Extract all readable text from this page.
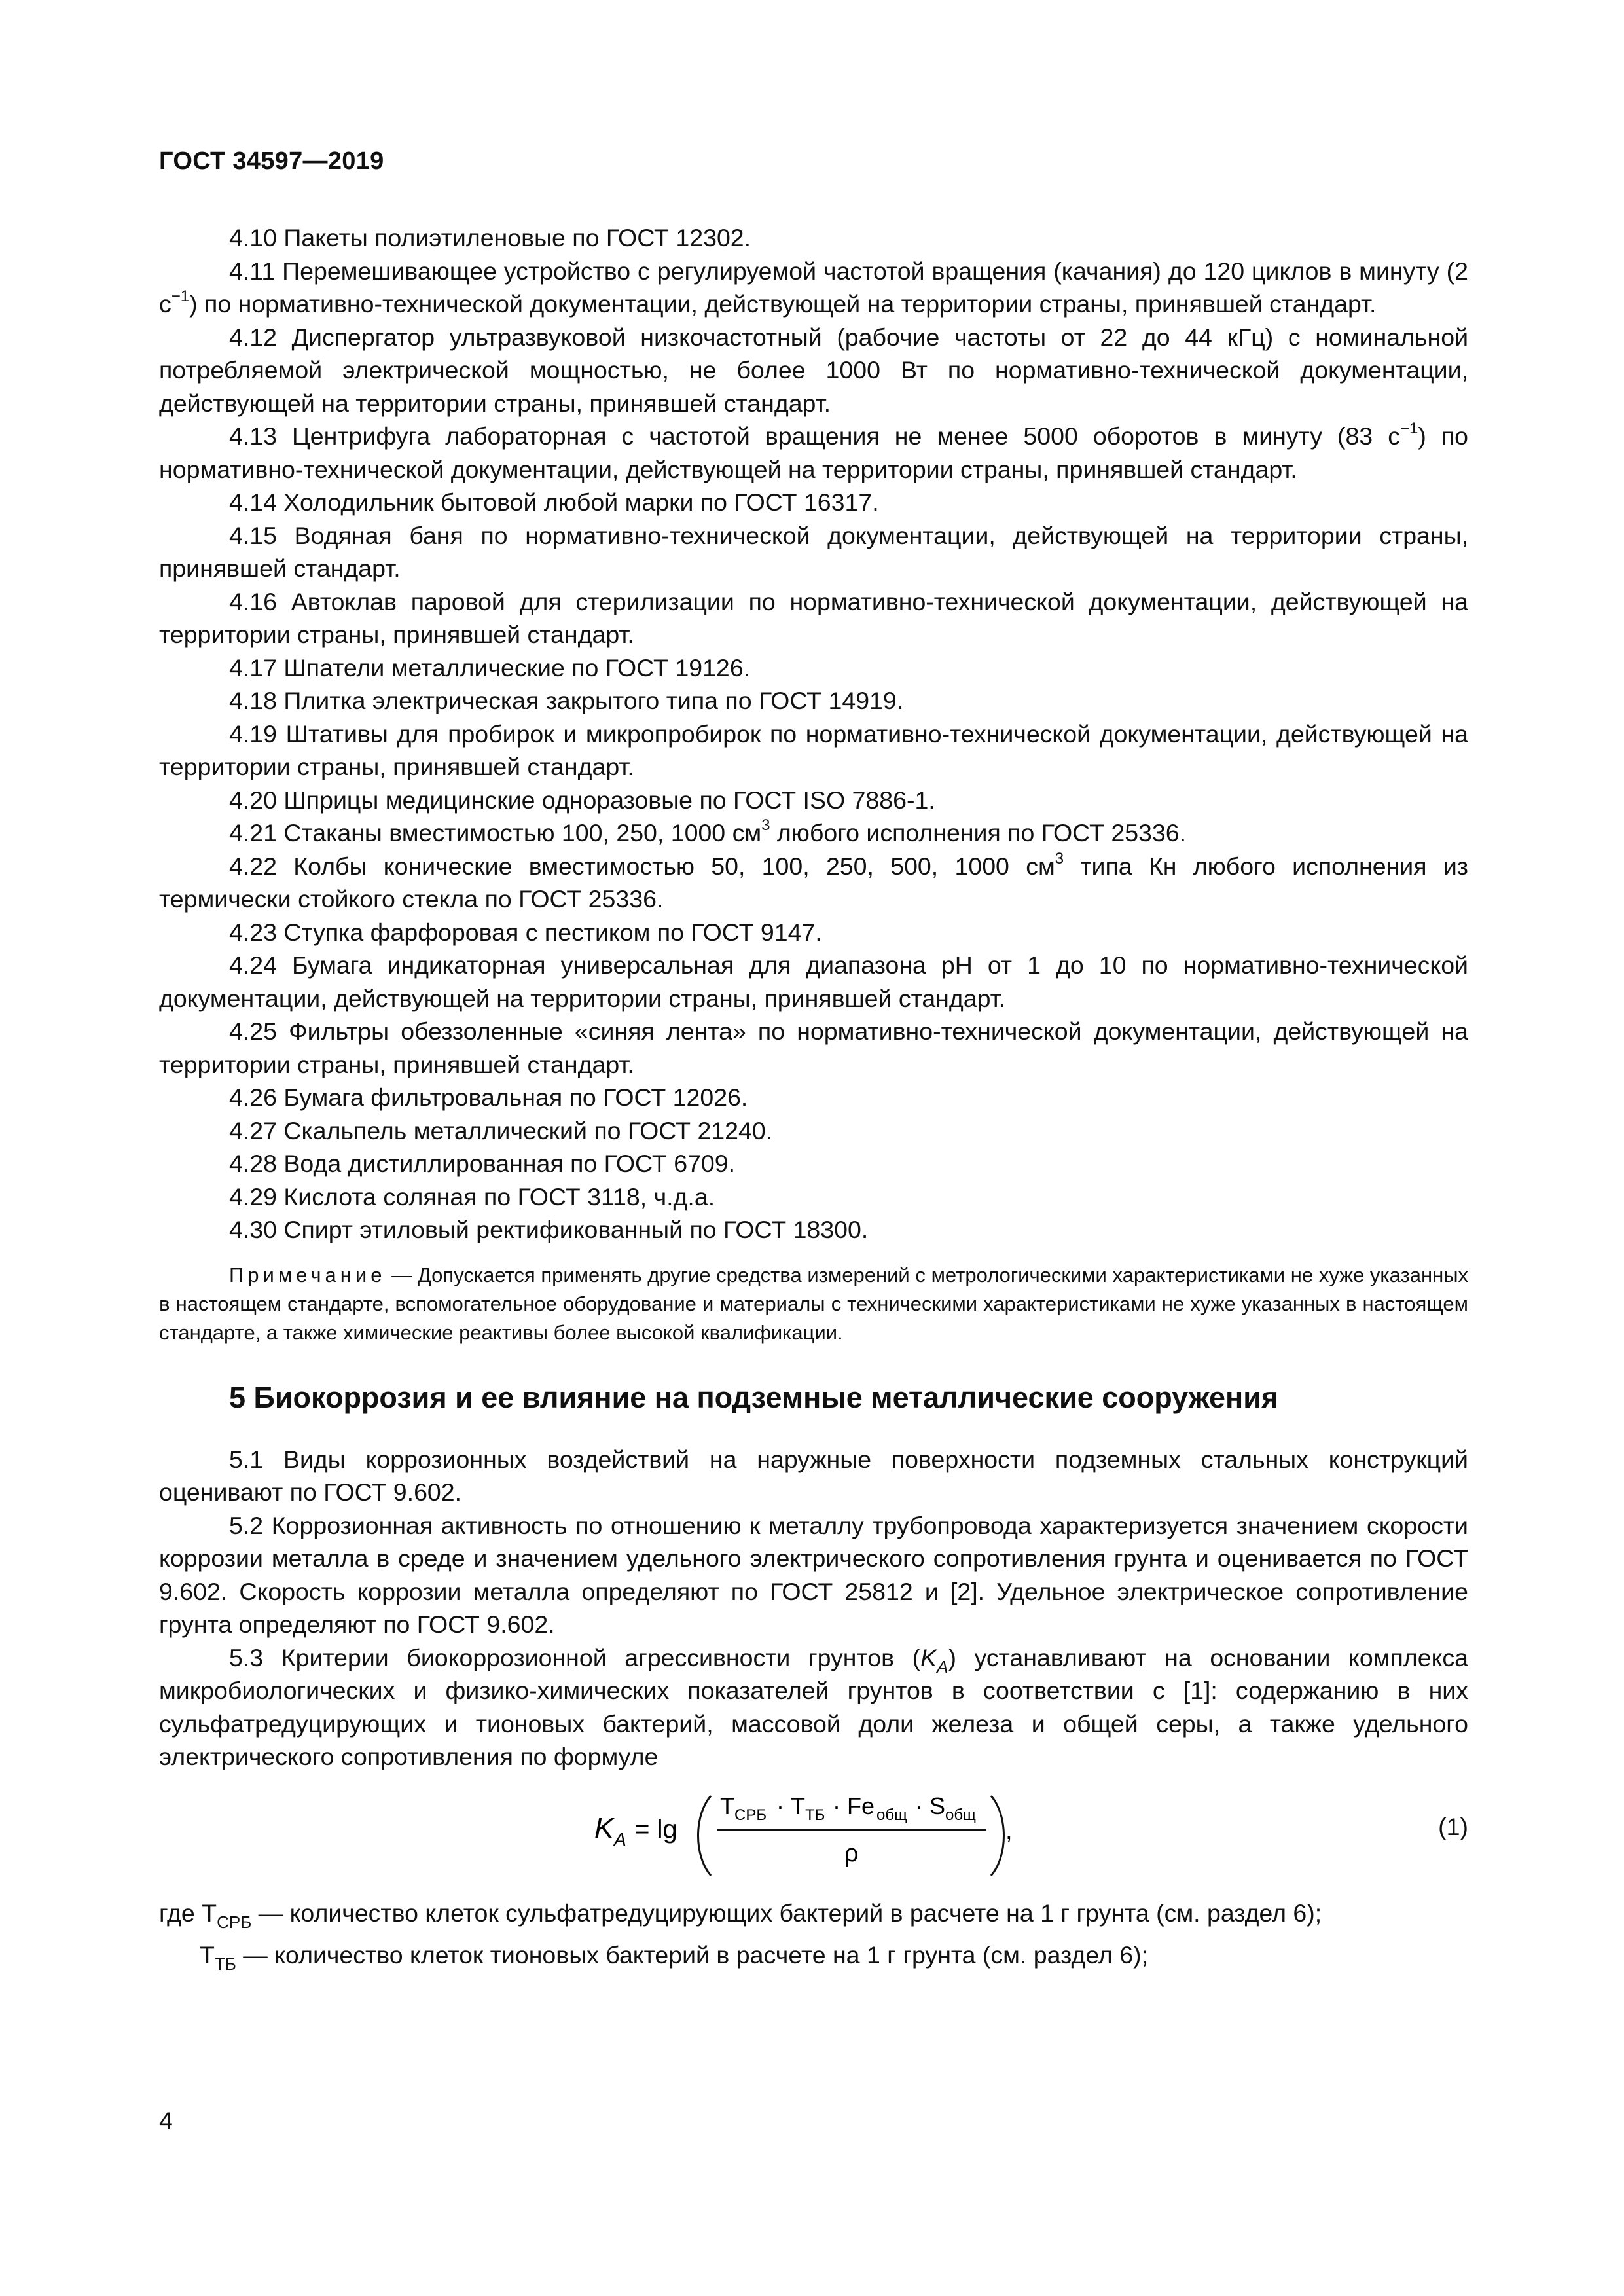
ГОСТ 34597—2019

4.10 Пакеты полиэтиленовые по ГОСТ 12302.

4.11 Перемешивающее устройство с регулируемой частотой вращения (качания) до 120 циклов в минуту (2 $с^{-1}$) по нормативно-технической документации, действующей на территории страны, принявшей стандарт.

4.12 Диспергатор ультразвуковой низкочастотный (рабочие частоты от 22 до 44 кГц) с номинальной потребляемой электрической мощностью, не более 1000 Вт по нормативно-технической документации, действующей на территории страны, принявшей стандарт.

4.13 Центрифуга лабораторная с частотой вращения не менее 5000 оборотов в минуту (83 $с^{-1}$) по нормативно-технической документации, действующей на территории страны, принявшей стандарт.

4.14 Холодильник бытовой любой марки по ГОСТ 16317.

4.15 Водяная баня по нормативно-технической документации, действующей на территории страны, принявшей стандарт.

4.16 Автоклав паровой для стерилизации по нормативно-технической документации, действующей на территории страны, принявшей стандарт.

4.17 Шпатели металлические по ГОСТ 19126.

4.18 Плитка электрическая закрытого типа по ГОСТ 14919.

4.19 Штативы для пробирок и микропробирок по нормативно-технической документации, действующей на территории страны, принявшей стандарт.

4.20 Шприцы медицинские одноразовые по ГОСТ ISO 7886-1.

4.21 Стаканы вместимостью 100, 250, 1000 $см^3$ любого исполнения по ГОСТ 25336.

4.22 Колбы конические вместимостью 50, 100, 250, 500, 1000 $см^3$ типа Кн любого исполнения из термически стойкого стекла по ГОСТ 25336.

4.23 Ступка фарфоровая с пестиком по ГОСТ 9147.

4.24 Бумага индикаторная универсальная для диапазона pH от 1 до 10 по нормативно-технической документации, действующей на территории страны, принявшей стандарт.

4.25 Фильтры обеззоленные «синяя лента» по нормативно-технической документации, действующей на территории страны, принявшей стандарт.

4.26 Бумага фильтровальная по ГОСТ 12026.

4.27 Скальпель металлический по ГОСТ 21240.

4.28 Вода дистиллированная по ГОСТ 6709.

4.29 Кислота соляная по ГОСТ 3118, ч.д.а.

4.30 Спирт этиловый ректификованный по ГОСТ 18300.

Примечание — Допускается применять другие средства измерений с метрологическими характеристиками не хуже указанных в настоящем стандарте, вспомогательное оборудование и материалы с техническими характеристиками не хуже указанных в настоящем стандарте, а также химические реактивы более высокой квалификации.

5 Биокоррозия и ее влияние на подземные металлические сооружения

5.1 Виды коррозионных воздействий на наружные поверхности подземных стальных конструкций оценивают по ГОСТ 9.602.

5.2 Коррозионная активность по отношению к металлу трубопровода характеризуется значением скорости коррозии металла в среде и значением удельного электрического сопротивления грунта и оценивается по ГОСТ 9.602. Скорость коррозии металла определяют по ГОСТ 25812 и [2]. Удельное электрическое сопротивление грунта определяют по ГОСТ 9.602.

5.3 Критерии биокоррозионной агрессивности грунтов $(K_A)$ устанавливают на основании комплекса микробиологических и физико-химических показателей грунтов в соответствии с [1]: содержанию в них сульфатредуцирующих и тионовых бактерий, массовой доли железа и общей серы, а также удельного электрического сопротивления по формуле

K A = lg
T СРБ · T ТБ · Fe общ · S общ
ρ
,	(1)

где $T_{СРБ}$ — количество клеток сульфатредуцирующих бактерий в расчете на 1 г грунта (см. раздел 6);

$T_{ТБ}$ — количество клеток тионовых бактерий в расчете на 1 г грунта (см. раздел 6);

4
